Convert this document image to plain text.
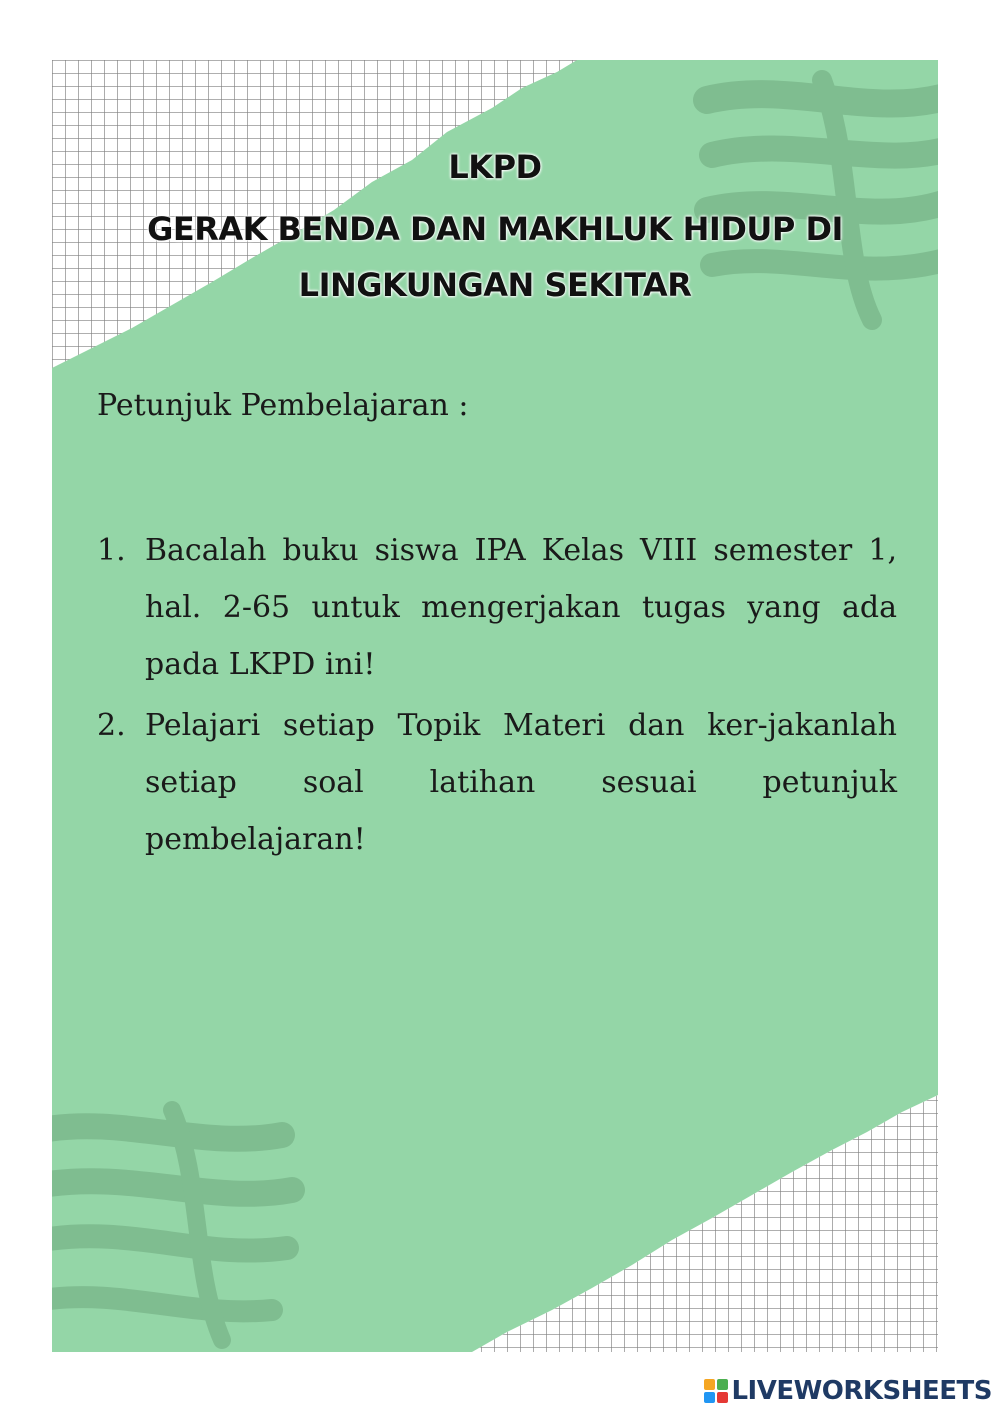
LKPD
GERAK BENDA DAN MAKHLUK HIDUP DI
LINGKUNGAN SEKITAR
Petunjuk Pembelajaran :
1. Bacalah buku siswa IPA Kelas VIII semester 1, hal. 2-65 untuk mengerjakan tugas yang ada pada LKPD ini!
2. Pelajari setiap Topik Materi dan ker-jakanlah setiap soal latihan sesuai petunjuk pembelajaran!
LIVEWORKSHEETS
